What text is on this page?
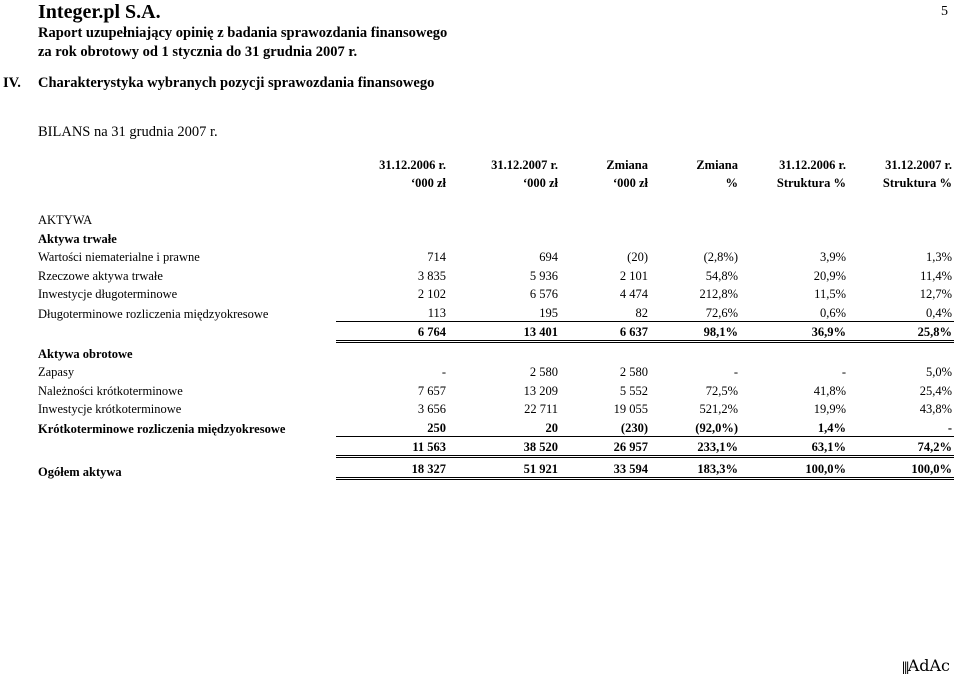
Integer.pl S.A.
Raport uzupełniający opinię z badania sprawozdania finansowego
za rok obrotowy od 1 stycznia do 31 grudnia 2007 r.
5
IV. Charakterystyka wybranych pozycji sprawozdania finansowego
BILANS na 31 grudnia 2007 r.
	31.12.2006 r.	31.12.2007 r.	Zmiana	Zmiana	31.12.2006 r.	31.12.2007 r.
	‘000 zł	‘000 zł	‘000 zł	%	Struktura %	Struktura %

AKTYWA						
Aktywa trwałe						
Wartości niematerialne i prawne	714	694	(20)	(2,8%)	3,9%	1,3%
Rzeczowe aktywa trwałe	3 835	5 936	2 101	54,8%	20,9%	11,4%
Inwestycje długoterminowe	2 102	6 576	4 474	212,8%	11,5%	12,7%
Długoterminowe rozliczenia międzyokresowe	113	195	82	72,6%	0,6%	0,4%
	6 764	13 401	6 637	98,1%	36,9%	25,8%
Aktywa obrotowe						
Zapasy	-	2 580	2 580	-	-	5,0%
Należności krótkoterminowe	7 657	13 209	5 552	72,5%	41,8%	25,4%
Inwestycje krótkoterminowe	3 656	22 711	19 055	521,2%	19,9%	43,8%
Krótkoterminowe rozliczenia międzyokresowe	250	20	(230)	(92,0%)	1,4%	-
	11 563	38 520	26 957	233,1%	63,1%	74,2%
Ogółem aktywa	18 327	51 921	33 594	183,3%	100,0%	100,0%
|||AdAc
